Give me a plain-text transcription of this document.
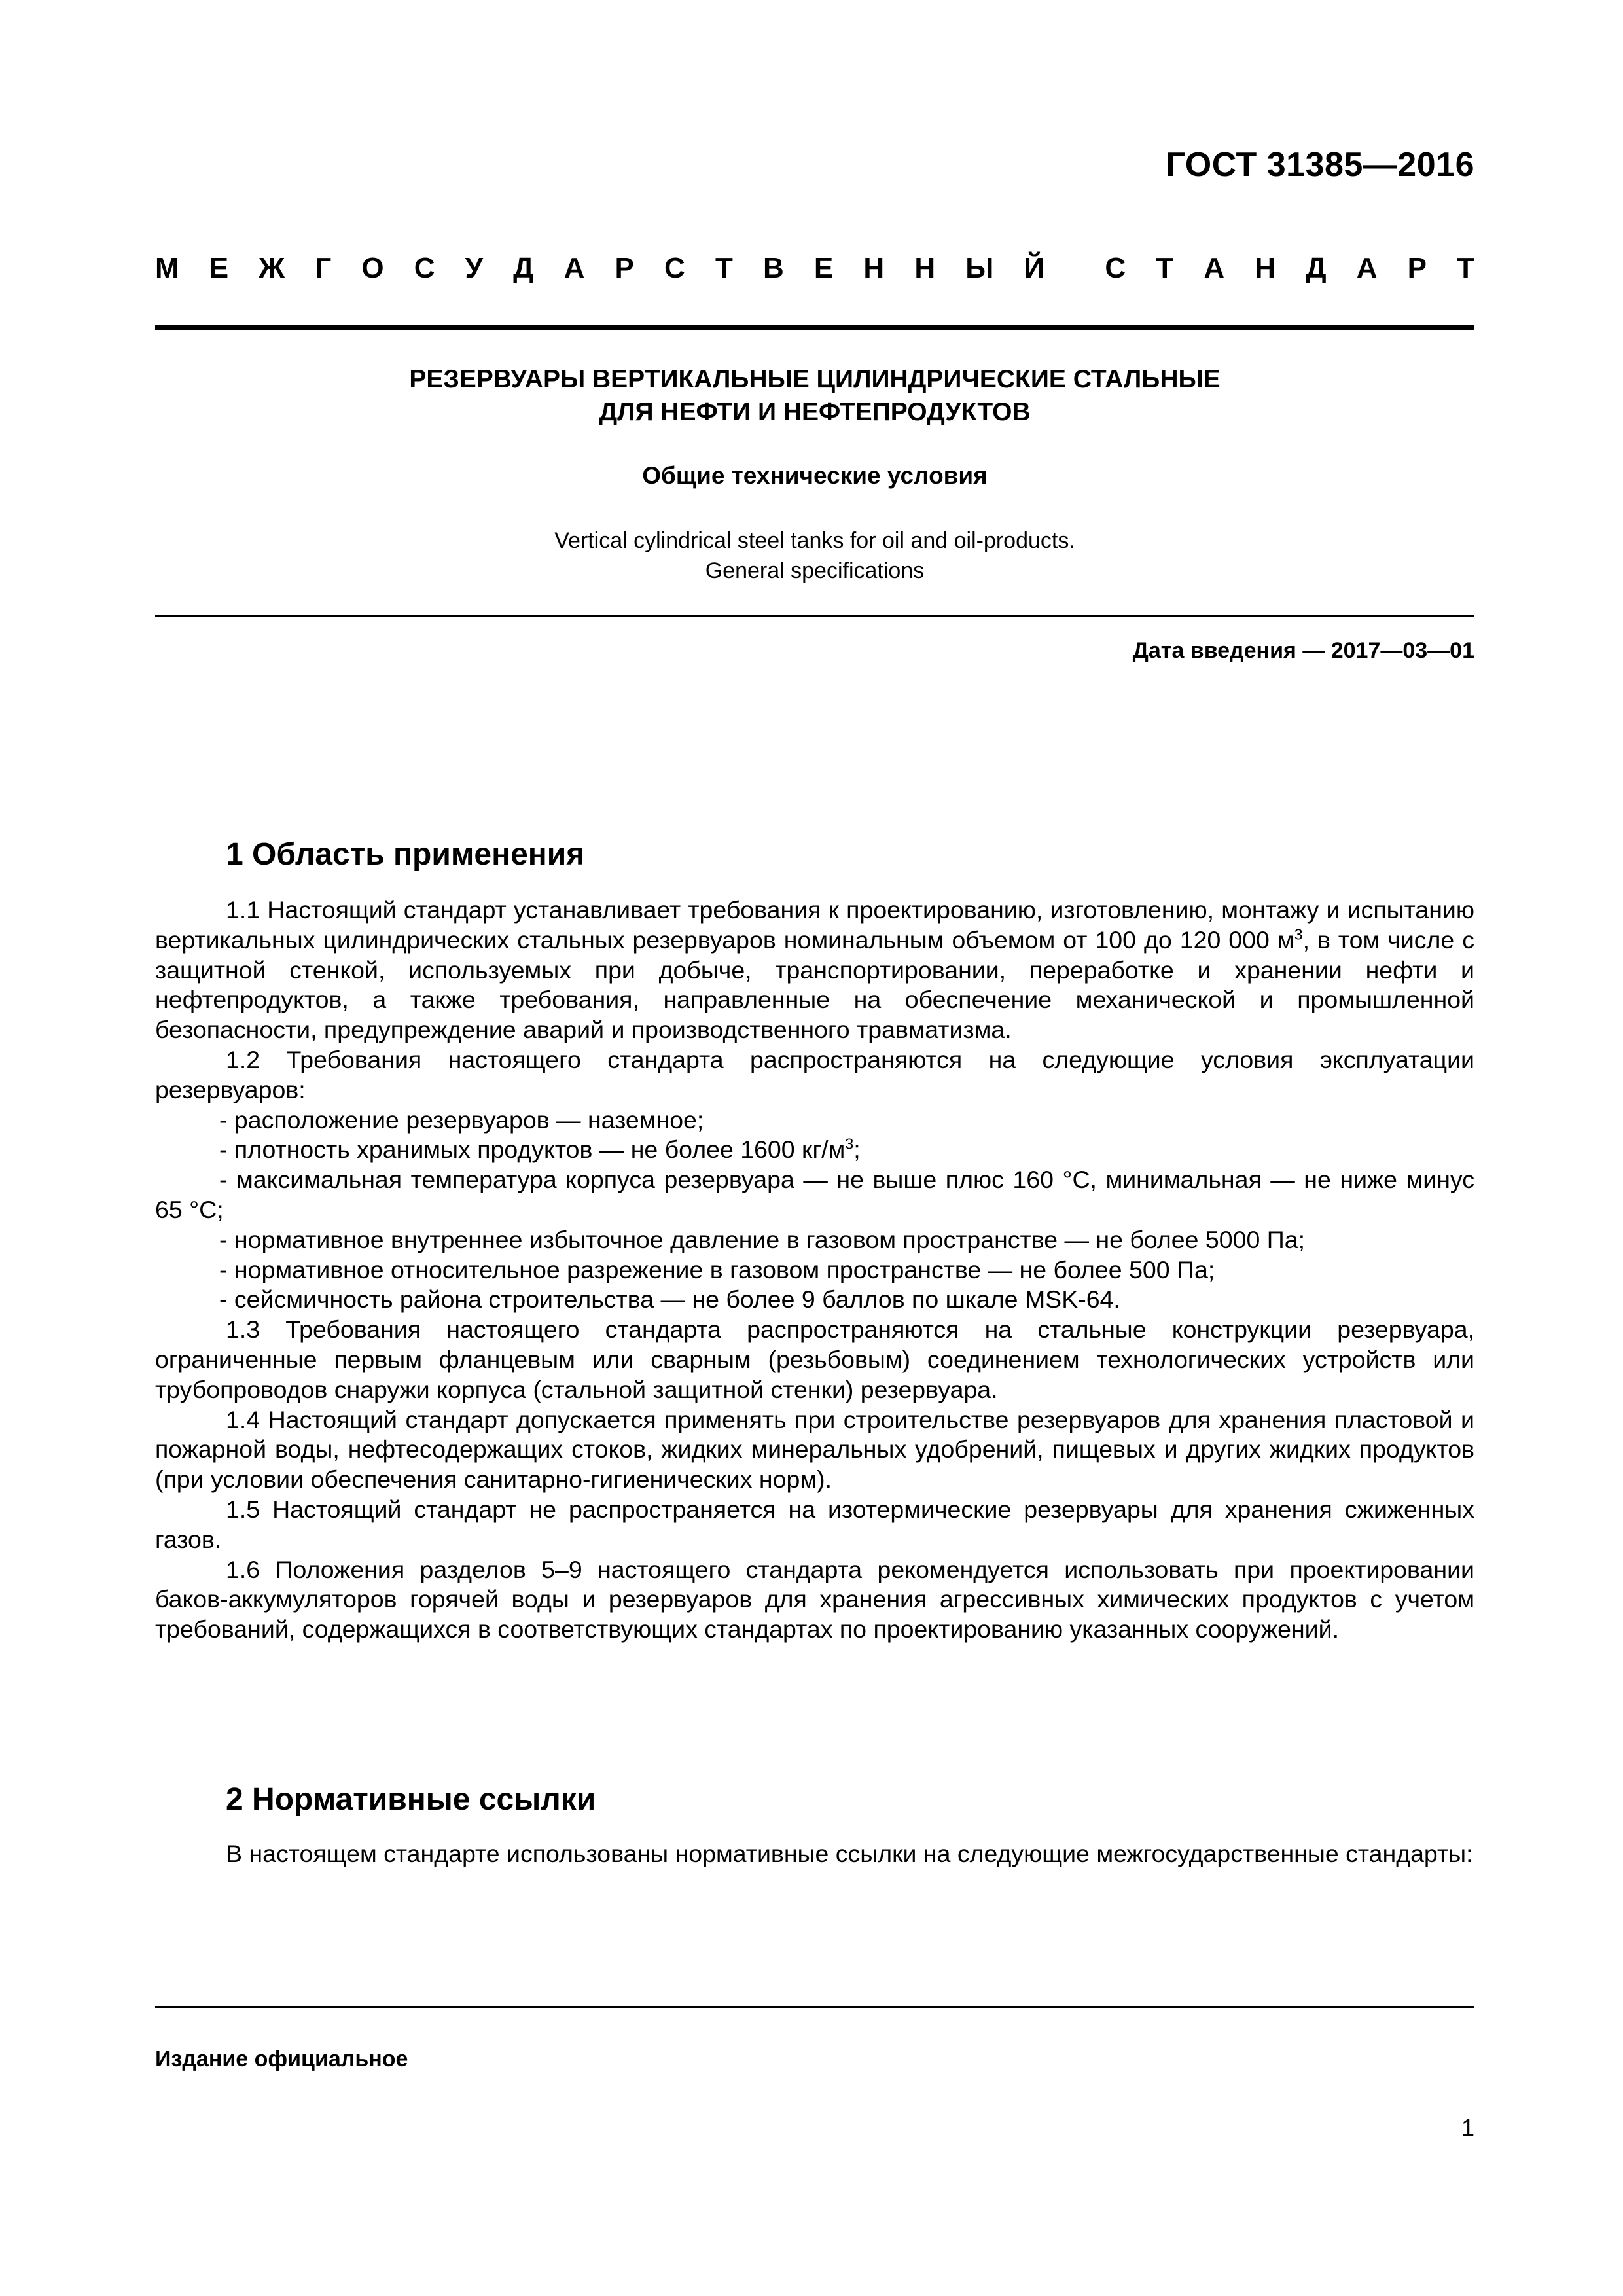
ГОСТ 31385—2016
М Е Ж Г О С У Д А Р С Т В Е Н Н Ы Й С Т А Н Д А Р Т
РЕЗЕРВУАРЫ ВЕРТИКАЛЬНЫЕ ЦИЛИНДРИЧЕСКИЕ СТАЛЬНЫЕ
ДЛЯ НЕФТИ И НЕФТЕПРОДУКТОВ
Общие технические условия
Vertical cylindrical steel tanks for oil and oil-products.
General specifications
Дата введения — 2017—03—01
1 Область применения

1.1 Настоящий стандарт устанавливает требования к проектированию, изготовлению, монтажу и испытанию вертикальных цилиндрических стальных резервуаров номинальным объемом от 100 до 120 000 $м^3$, в том числе с защитной стенкой, используемых при добыче, транспортировании, переработке и хранении нефти и нефтепродуктов, а также требования, направленные на обеспечение механической и промышленной безопасности, предупреждение аварий и производственного травматизма.

1.2 Требования настоящего стандарта распространяются на следующие условия эксплуатации резервуаров:

- расположение резервуаров — наземное;

- плотность хранимых продуктов — не более 1600 $кг/м^3$;

- максимальная температура корпуса резервуара — не выше плюс 160 °С, минимальная — не ниже минус 65 °С;

- нормативное внутреннее избыточное давление в газовом пространстве — не более 5000 Па;

- нормативное относительное разрежение в газовом пространстве — не более 500 Па;

- сейсмичность района строительства — не более 9 баллов по шкале MSK-64.

1.3 Требования настоящего стандарта распространяются на стальные конструкции резервуара, ограниченные первым фланцевым или сварным (резьбовым) соединением технологических устройств или трубопроводов снаружи корпуса (стальной защитной стенки) резервуара.

1.4 Настоящий стандарт допускается применять при строительстве резервуаров для хранения пластовой и пожарной воды, нефтесодержащих стоков, жидких минеральных удобрений, пищевых и других жидких продуктов (при условии обеспечения санитарно-гигиенических норм).

1.5 Настоящий стандарт не распространяется на изотермические резервуары для хранения сжиженных газов.

1.6 Положения разделов 5–9 настоящего стандарта рекомендуется использовать при проектировании баков-аккумуляторов горячей воды и резервуаров для хранения агрессивных химических продуктов с учетом требований, содержащихся в соответствующих стандартах по проектированию указанных сооружений.

2 Нормативные ссылки

В настоящем стандарте использованы нормативные ссылки на следующие межгосударственные стандарты:

Издание официальное
1
